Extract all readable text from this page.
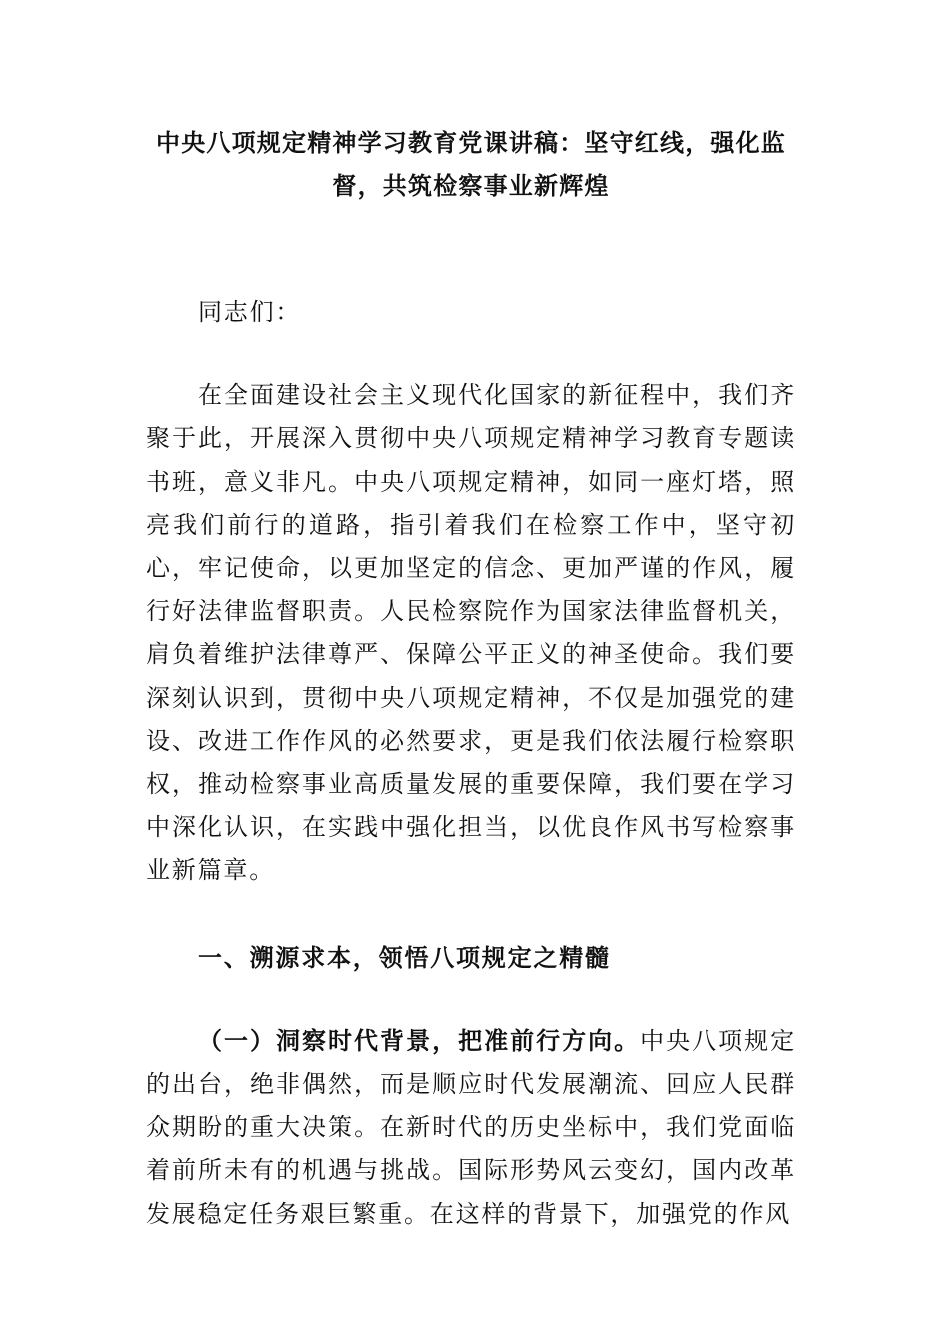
中央八项规定精神学习教育党课讲稿：坚守红线，强化监督，共筑检察事业新辉煌

同志们：

在全面建设社会主义现代化国家的新征程中，我们齐聚于此，开展深入贯彻中央八项规定精神学习教育专题读书班，意义非凡。中央八项规定精神，如同一座灯塔，照亮我们前行的道路，指引着我们在检察工作中，坚守初心，牢记使命，以更加坚定的信念、更加严谨的作风，履行好法律监督职责。人民检察院作为国家法律监督机关，肩负着维护法律尊严、保障公平正义的神圣使命。我们要深刻认识到，贯彻中央八项规定精神，不仅是加强党的建设、改进工作作风的必然要求，更是我们依法履行检察职权，推动检察事业高质量发展的重要保障，我们要在学习中深化认识，在实践中强化担当，以优良作风书写检察事业新篇章。

一、溯源求本，领悟八项规定之精髓

（一）洞察时代背景，把准前行方向。中央八项规定的出台，绝非偶然，而是顺应时代发展潮流、回应人民群众期盼的重大决策。在新时代的历史坐标中，我们党面临着前所未有的机遇与挑战。国际形势风云变幻，国内改革发展稳定任务艰巨繁重。在这样的背景下，加强党的作风
